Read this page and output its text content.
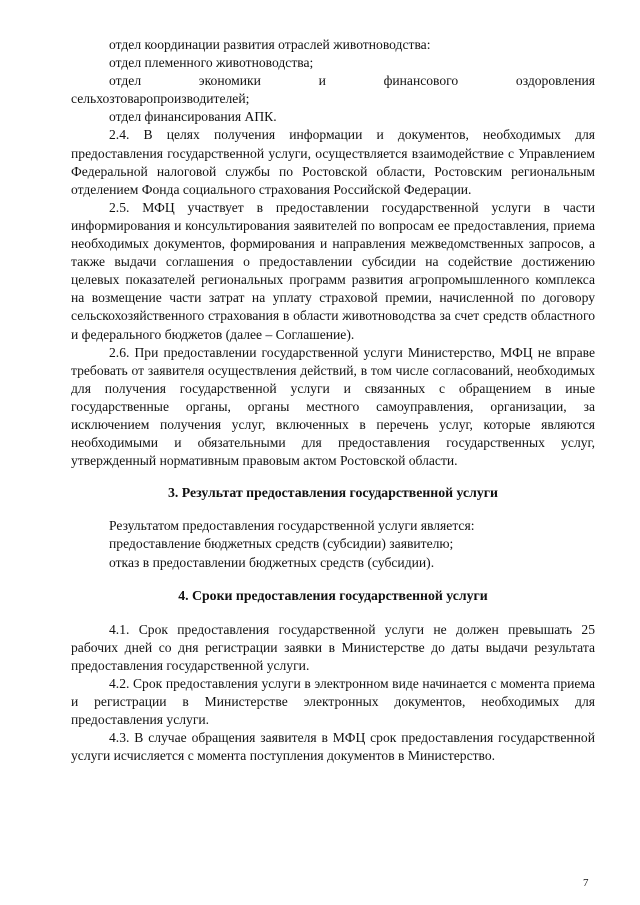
отдел координации развития отраслей животноводства:

отдел племенного животноводства;

отдел экономики и финансового оздоровления

сельхозтоваропроизводителей;

отдел финансирования АПК.

2.4. В целях получения информации и документов, необходимых для предоставления государственной услуги, осуществляется взаимодействие с Управлением Федеральной налоговой службы по Ростовской области, Ростовским региональным отделением Фонда социального страхования Российской Федерации.

2.5. МФЦ участвует в предоставлении государственной услуги в части информирования и консультирования заявителей по вопросам ее предоставления, приема необходимых документов, формирования и направления межведомственных запросов, а также выдачи соглашения о предоставлении субсидии на содействие достижению целевых показателей региональных программ развития агропромышленного комплекса на возмещение части затрат на уплату страховой премии, начисленной по договору сельскохозяйственного страхования в области животноводства за счет средств областного и федерального бюджетов (далее – Соглашение).

2.6. При предоставлении государственной услуги Министерство, МФЦ не вправе требовать от заявителя осуществления действий, в том числе согласований, необходимых для получения государственной услуги и связанных с обращением в иные государственные органы, органы местного самоуправления, организации, за исключением получения услуг, включенных в перечень услуг, которые являются необходимыми и обязательными для предоставления государственных услуг, утвержденный нормативным правовым актом Ростовской области.

3. Результат предоставления государственной услуги

Результатом предоставления государственной услуги является:

предоставление бюджетных средств (субсидии) заявителю;

отказ в предоставлении бюджетных средств (субсидии).

4. Сроки предоставления государственной услуги

4.1. Срок предоставления государственной услуги не должен превышать 25 рабочих дней со дня регистрации заявки в Министерстве до даты выдачи результата предоставления государственной услуги.

4.2. Срок предоставления услуги в электронном виде начинается с момента приема и регистрации в Министерстве электронных документов, необходимых для предоставления услуги.

4.3. В случае обращения заявителя в МФЦ срок предоставления государственной услуги исчисляется с момента поступления документов в Министерство.

7
